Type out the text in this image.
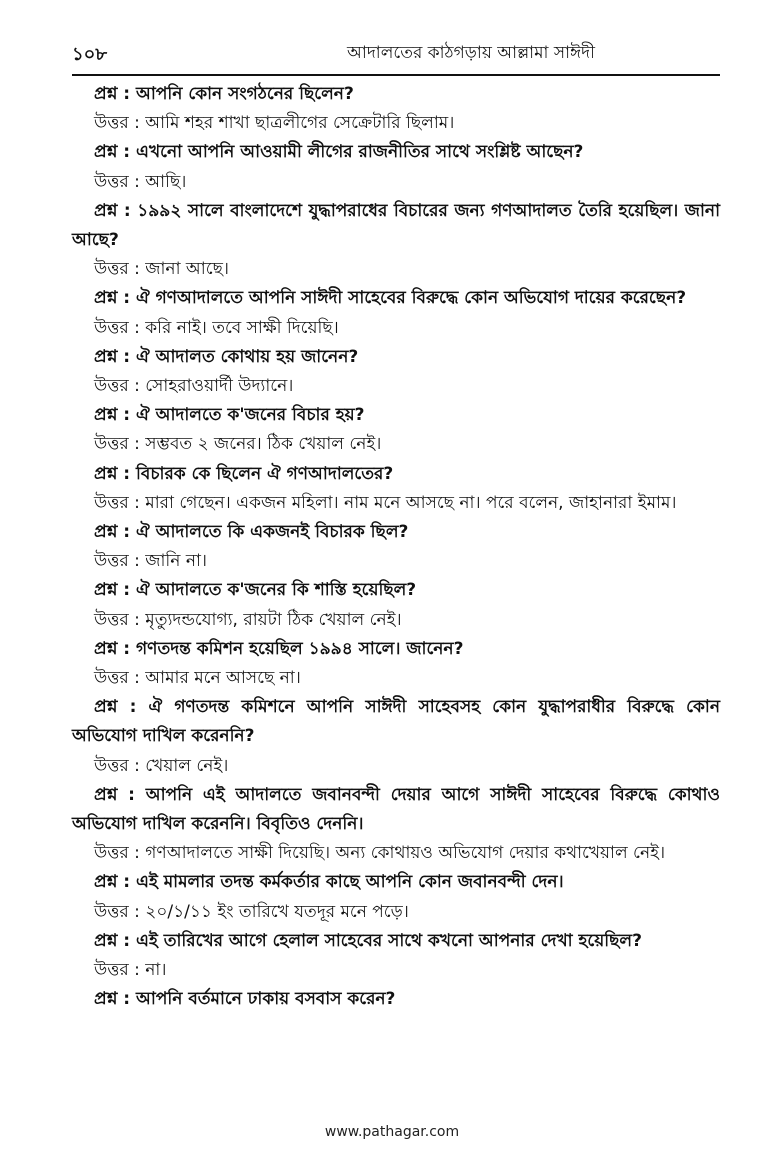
১০৮	আদালতের কাঠগড়ায় আল্লামা সাঈদী

প্রশ্ন : আপনি কোন সংগঠনের ছিলেন?

উত্তর : আমি শহর শাখা ছাত্রলীগের সেক্রেটারি ছিলাম।

প্রশ্ন : এখনো আপনি আওয়ামী লীগের রাজনীতির সাথে সংশ্লিষ্ট আছেন?

উত্তর : আছি।

প্রশ্ন : ১৯৯২ সালে বাংলাদেশে যুদ্ধাপরাধের বিচারের জন্য গণআদালত তৈরি হয়েছিল। জানা আছে?

উত্তর : জানা আছে।

প্রশ্ন : ঐ গণআদালতে আপনি সাঈদী সাহেবের বিরুদ্ধে কোন অভিযোগ দায়ের করেছেন?

উত্তর : করি নাই। তবে সাক্ষী দিয়েছি।

প্রশ্ন : ঐ আদালত কোথায় হয় জানেন?

উত্তর : সোহরাওয়ার্দী উদ্যানে।

প্রশ্ন : ঐ আদালতে ক'জনের বিচার হয়?

উত্তর : সম্ভবত ২ জনের। ঠিক খেয়াল নেই।

প্রশ্ন : বিচারক কে ছিলেন ঐ গণআদালতের?

উত্তর : মারা গেছেন। একজন মহিলা। নাম মনে আসছে না। পরে বলেন, জাহানারা ইমাম।

প্রশ্ন : ঐ আদালতে কি একজনই বিচারক ছিল?

উত্তর : জানি না।

প্রশ্ন : ঐ আদালতে ক'জনের কি শাস্তি হয়েছিল?

উত্তর : মৃত্যুদন্ডযোগ্য, রায়টা ঠিক খেয়াল নেই।

প্রশ্ন : গণতদন্ত কমিশন হয়েছিল ১৯৯৪ সালে। জানেন?

উত্তর : আমার মনে আসছে না।

প্রশ্ন : ঐ গণতদন্ত কমিশনে আপনি সাঈদী সাহেবসহ কোন যুদ্ধাপরাধীর বিরুদ্ধে কোন অভিযোগ দাখিল করেননি?

উত্তর : খেয়াল নেই।

প্রশ্ন : আপনি এই আদালতে জবানবন্দী দেয়ার আগে সাঈদী সাহেবের বিরুদ্ধে কোথাও অভিযোগ দাখিল করেননি। বিবৃতিও দেননি।

উত্তর : গণআদালতে সাক্ষী দিয়েছি। অন্য কোথায়ও অভিযোগ দেয়ার কথাখেয়াল নেই।

প্রশ্ন : এই মামলার তদন্ত কর্মকর্তার কাছে আপনি কোন জবানবন্দী দেন।

উত্তর : ২০/১/১১ ইং তারিখে যতদূর মনে পড়ে।

প্রশ্ন : এই তারিখের আগে হেলাল সাহেবের সাথে কখনো আপনার দেখা হয়েছিল?

উত্তর : না।

প্রশ্ন : আপনি বর্তমানে ঢাকায় বসবাস করেন?

www.pathagar.com
